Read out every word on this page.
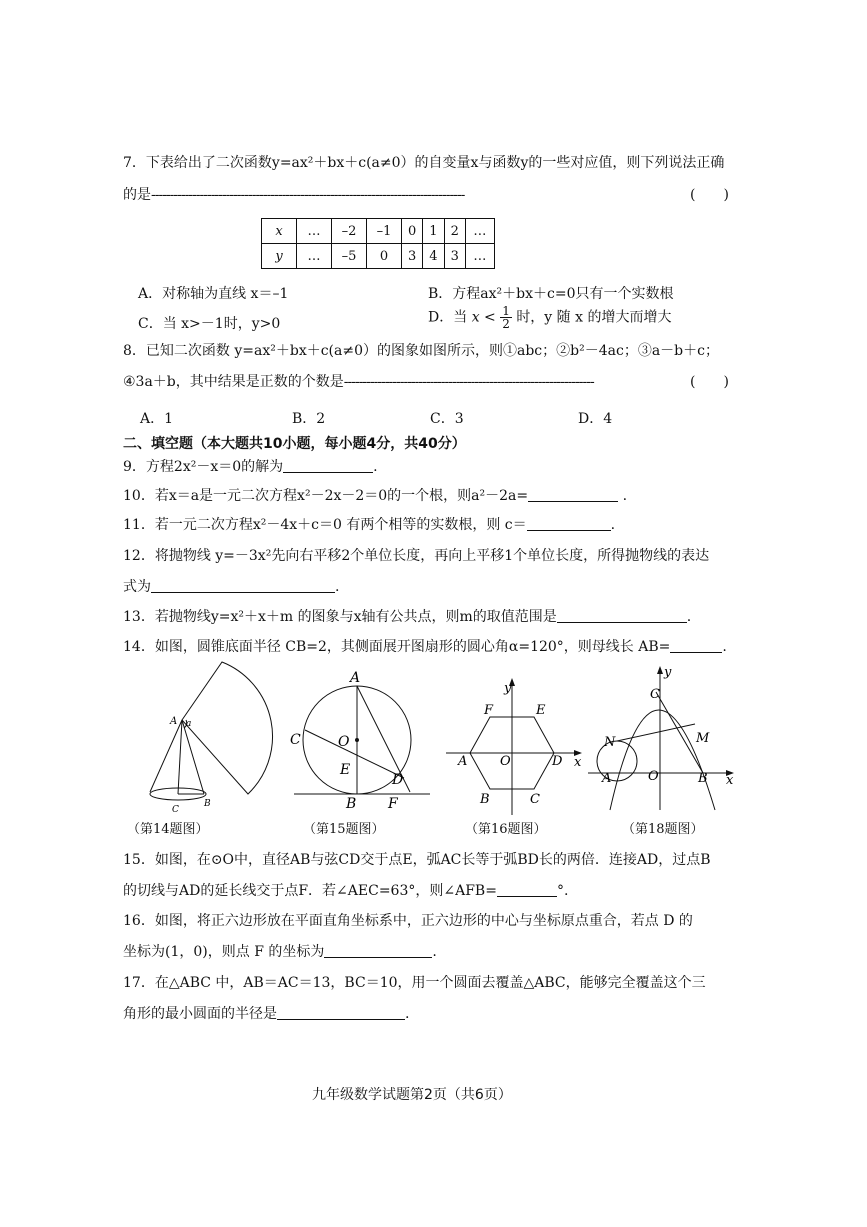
7．下表给出了二次函数y=ax²＋bx＋c(a≠0）的自变量x与函数y的一些对应值，则下列说法正确
的是------------------------------------------------------------------------------------	(　　)
x	…	–2	–1	0	1	2	…
y	…	–5	0	3	4	3	…
A．对称轴为直线 x＝–1	B．方程ax²＋bx＋c=0只有一个实数根
C．当 x>－1时，y>0	D．当 $x < \frac{1}{2}$ 时，y 随 x 的增大而增大
8．已知二次函数 y=ax²＋bx＋c(a≠0）的图象如图所示，则①abc；②b²－4ac；③a－b＋c；
④3a＋b，其中结果是正数的个数是-------------------------------------------------------------------	(　　)
A．1	B．2	C．3	D．4
二、填空题（本大题共10小题，每小题4分，共40分）
9．方程2x²－x＝0的解为	.
10．若x＝a是一元二次方程x²－2x－2＝0的一个根，则a²－2a=	.
11．若一元二次方程x²－4x＋c＝0 有两个相等的实数根，则 c＝	.
12．将抛物线 y=－3x²先向右平移2个单位长度，再向上平移1个单位长度，所得抛物线的表达
式为	.
13．若抛物线y=x²＋x＋m 的图象与x轴有公共点，则m的取值范围是	.
14．如图，圆锥底面半径 CB=2，其侧面展开图扇形的圆心角α=120°，则母线长 AB=	.
A a
C
B
A
C	O
E
D
B F
y
F	E
A	O	D x
B	C
y
C
N	M
A	O	B x
（第14题图）	（第15题图）	（第16题图）	（第18题图）
15．如图，在⊙O中，直径AB与弦CD交于点E，弧AC长等于弧BD长的两倍．连接AD，过点B
的切线与AD的延长线交于点F．若∠AEC=63°，则∠AFB=	°.
16．如图，将正六边形放在平面直角坐标系中，正六边形的中心与坐标原点重合，若点 D 的
坐标为(1，0)，则点 F 的坐标为	.
17．在△ABC 中，AB＝AC＝13，BC＝10，用一个圆面去覆盖△ABC，能够完全覆盖这个三
角形的最小圆面的半径是	.
九年级数学试题第2页（共6页）
